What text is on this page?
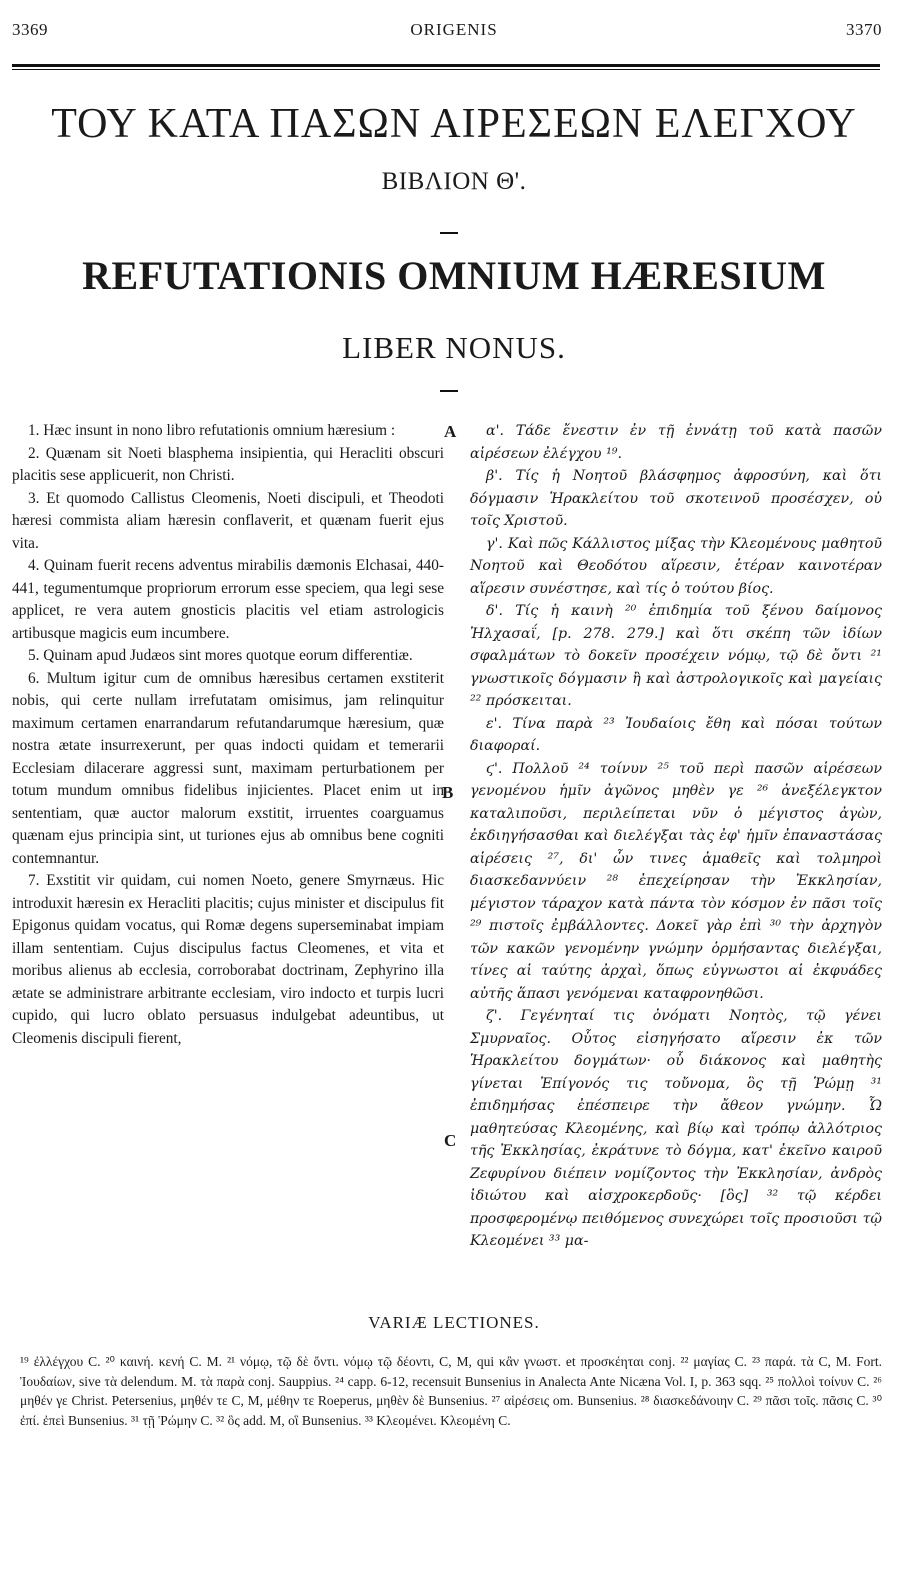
3369	ORIGENIS	3370
ΤΟΥ ΚΑΤΑ ΠΑΣΩΝ ΑΙΡΕΣΕΩΝ ΕΛΕΓΧΟΥ
ΒΙΒΛΙΟΝ Θ'.
REFUTATIONIS OMNIUM HÆRESIUM
LIBER NONUS.

1. Hæc insunt in nono libro refutationis omnium hæresium :

2. Quænam sit Noeti blasphema insipientia, qui Heracliti obscuri placitis sese applicuerit, non Christi.

3. Et quomodo Callistus Cleomenis, Noeti discipuli, et Theodoti hæresi commista aliam hæresin conflaverit, et quænam fuerit ejus vita.

4. Quinam fuerit recens adventus mirabilis dæmonis Elchasai, 440-441, tegumentumque propriorum errorum esse speciem, qua legi sese applicet, re vera autem gnosticis placitis vel etiam astrologicis artibusque magicis eum incumbere.

5. Quinam apud Judæos sint mores quotque eorum differentiæ.

6. Multum igitur cum de omnibus hæresibus certamen exstiterit nobis, qui certe nullam irrefutatam omisimus, jam relinquitur maximum certamen enarrandarum refutandarumque hæresium, quæ nostra ætate insurrexerunt, per quas indocti quidam et temerarii Ecclesiam dilacerare aggressi sunt, maximam perturbationem per totum mundum omnibus fidelibus injicientes. Placet enim ut in sententiam, quæ auctor malorum exstitit, irruentes coarguamus quænam ejus principia sint, ut turiones ejus ab omnibus bene cogniti contemnantur.

7. Exstitit vir quidam, cui nomen Noeto, genere Smyrnæus. Hic introduxit hæresin ex Heracliti placitis; cujus minister et discipulus fit Epigonus quidam vocatus, qui Romæ degens superseminabat impiam illam sententiam. Cujus discipulus factus Cleomenes, et vita et moribus alienus ab ecclesia, corroborabat doctrinam, Zephyrino illa ætate se administrare arbitrante ecclesiam, viro indocto et turpis lucri cupido, qui lucro oblato persuasus indulgebat adeuntibus, ut Cleomenis discipuli fierent,

A
B
C

α'. Τάδε ἔνεστιν ἐν τῇ ἐννάτῃ τοῦ κατὰ πασῶν αἱρέσεων ἐλέγχου ¹⁹.

β'. Τίς ἡ Νοητοῦ βλάσφημος ἀφροσύνη, καὶ ὅτι δόγμασιν Ἡρακλείτου τοῦ σκοτεινοῦ προσέσχεν, οὐ τοῖς Χριστοῦ.

γ'. Καὶ πῶς Κάλλιστος μίξας τὴν Κλεομένους μαθητοῦ Νοητοῦ καὶ Θεοδότου αἵρεσιν, ἑτέραν καινοτέραν αἵρεσιν συνέστησε, καὶ τίς ὁ τούτου βίος.

δ'. Τίς ἡ καινὴ ²⁰ ἐπιδημία τοῦ ξένου δαίμονος Ἠλχασαΐ, [p. 278. 279.] καὶ ὅτι σκέπη τῶν ἰδίων σφαλμάτων τὸ δοκεῖν προσέχειν νόμῳ, τῷ δὲ ὄντι ²¹ γνωστικοῖς δόγμασιν ἢ καὶ ἀστρολογικοῖς καὶ μαγείαις ²² πρόσκειται.

ε'. Τίνα παρὰ ²³ Ἰουδαίοις ἔθη καὶ πόσαι τούτων διαφοραί.

ϛ'. Πολλοῦ ²⁴ τοίνυν ²⁵ τοῦ περὶ πασῶν αἱρέσεων γενομένου ἡμῖν ἀγῶνος μηθὲν γε ²⁶ ἀνεξέλεγκτον καταλιποῦσι, περιλείπεται νῦν ὁ μέγιστος ἀγὼν, ἐκδιηγήσασθαι καὶ διελέγξαι τὰς ἐφ' ἡμῖν ἐπαναστάσας αἱρέσεις ²⁷, δι' ὧν τινες ἀμαθεῖς καὶ τολμηροὶ διασκεδαννύειν ²⁸ ἐπεχείρησαν τὴν Ἐκκλησίαν, μέγιστον τάραχον κατὰ πάντα τὸν κόσμον ἐν πᾶσι τοῖς ²⁹ πιστοῖς ἐμβάλλοντες. Δοκεῖ γὰρ ἐπὶ ³⁰ τὴν ἀρχηγὸν τῶν κακῶν γενομένην γνώμην ὁρμήσαντας διελέγξαι, τίνες αἱ ταύτης ἀρχαὶ, ὅπως εὐγνωστοι αἱ ἐκφυάδες αὐτῆς ἅπασι γενόμεναι καταφρονηθῶσι.

ζ'. Γεγένηταί τις ὀνόματι Νοητὸς, τῷ γένει Σμυρναῖος. Οὗτος εἰσηγήσατο αἵρεσιν ἐκ τῶν Ἡρακλείτου δογμάτων· οὗ διάκονος καὶ μαθητὴς γίνεται Ἐπίγονός τις τοὔνομα, ὃς τῇ Ῥώμῃ ³¹ ἐπιδημήσας ἐπέσπειρε τὴν ἄθεον γνώμην. Ὧ μαθητεύσας Κλεομένης, καὶ βίῳ καὶ τρόπῳ ἀλλότριος τῆς Ἐκκλησίας, ἐκράτυνε τὸ δόγμα, κατ' ἐκεῖνο καιροῦ Ζεφυρίνου διέπειν νομίζοντος τὴν Ἐκκλησίαν, ἀνδρὸς ἰδιώτου καὶ αἰσχροκερδοῦς· [ὃς] ³² τῷ κέρδει προσφερομένῳ πειθόμενος συνεχώρει τοῖς προσιοῦσι τῷ Κλεομένει ³³ μα-

VARIÆ LECTIONES.
¹⁹ ἐλλέγχου C. ²⁰ καινή. κενή C. M. ²¹ νόμῳ, τῷ δὲ ὄντι. νόμῳ τῷ δέοντι, C, M, qui κἂν γνωστ. et προσκέηται conj. ²² μαγίας C. ²³ παρά. τὰ C, M. Fort. Ἰουδαίων, sive τὰ delendum. M. τὰ παρὰ conj. Sauppius. ²⁴ capp. 6-12, recensuit Bunsenius in Analecta Ante Nicæna Vol. I, p. 363 sqq. ²⁵ πολλοὶ τοίνυν C. ²⁶ μηθέν γε Christ. Petersenius, μηθέν τε C, M, μέθην τε Roeperus, μηθὲν δὲ Bunsenius. ²⁷ αἱρέσεις om. Bunsenius. ²⁸ διασκεδάνοιην C. ²⁹ πᾶσι τοῖς. πᾶσις C. ³⁰ ἐπί. ἐπεὶ Bunsenius. ³¹ τῇ Ῥώμην C. ³² ὃς add. M, οἳ Bunsenius. ³³ Κλεομένει. Κλεομένη C.
